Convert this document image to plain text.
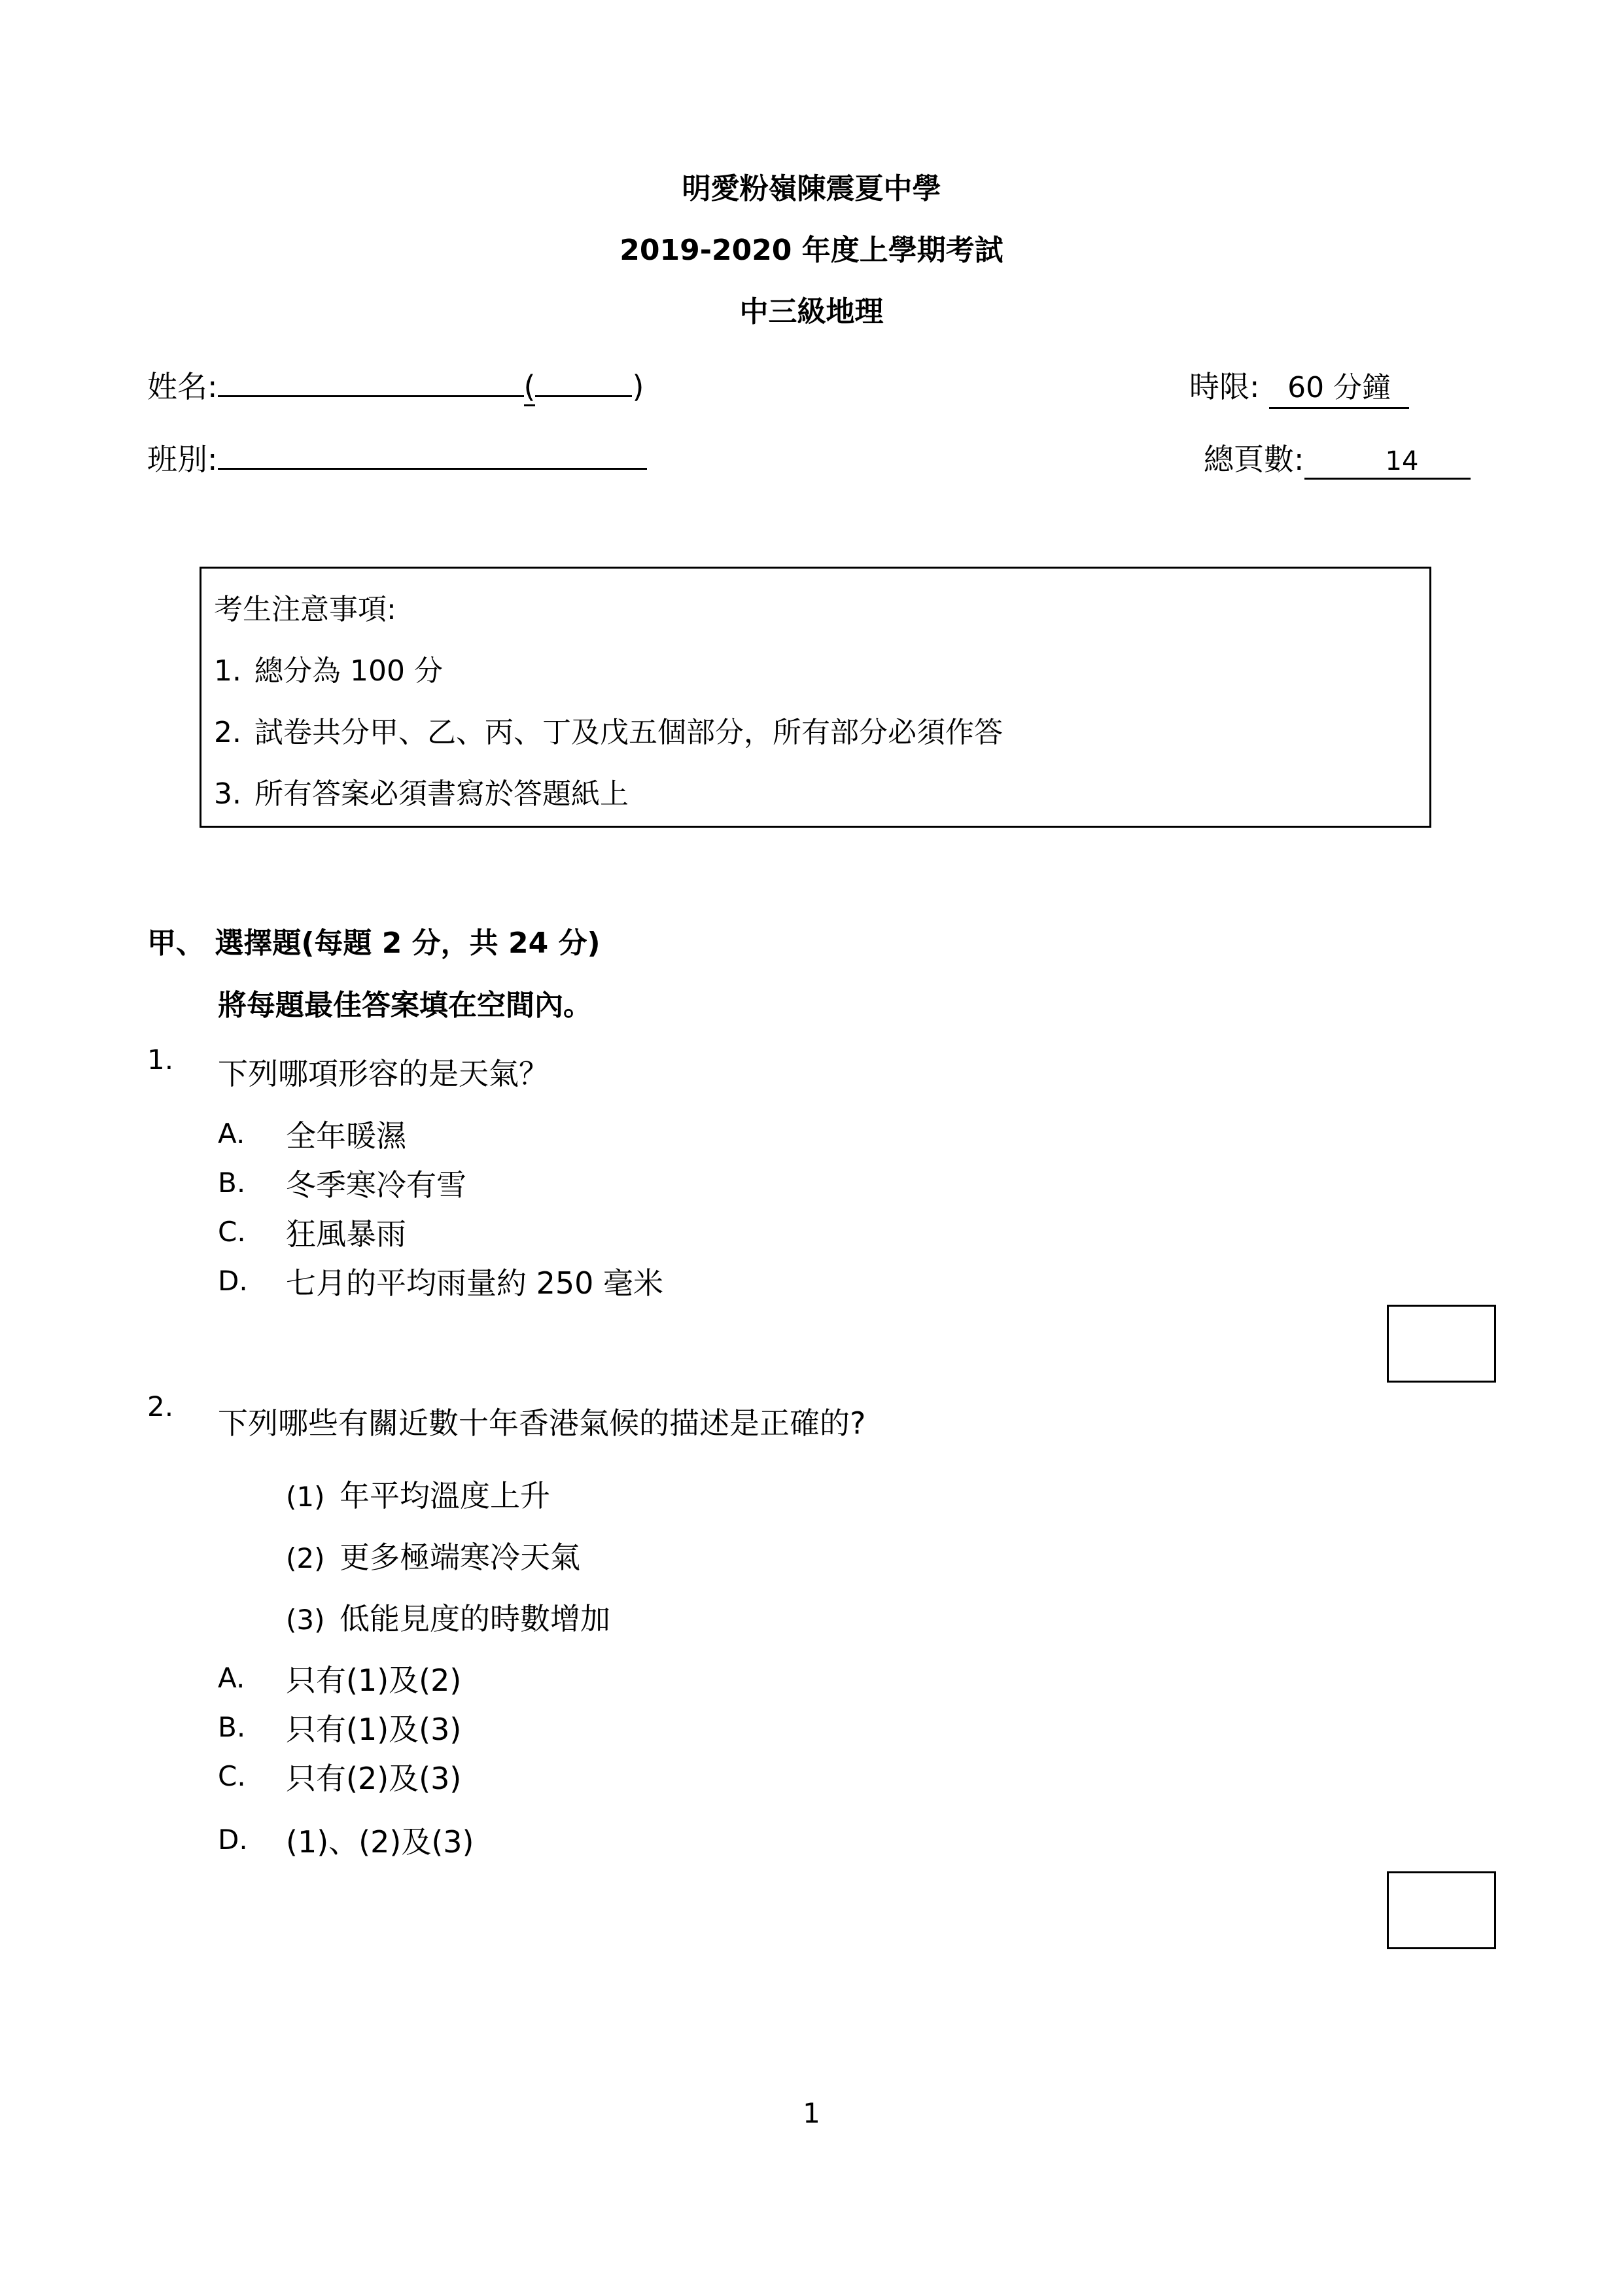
明愛粉嶺陳震夏中學
2019-2020 年度上學期考試
中三級地理
姓名:	(	)	時限: 60 分鐘
班別:	總頁數:	14
考生注意事項:
1. 總分為 100 分
2. 試卷共分甲、乙、丙、丁及戊五個部分，所有部分必須作答
3. 所有答案必須書寫於答題紙上
甲、 選擇題(每題 2 分，共 24 分)
將每題最佳答案填在空間內。
1. 下列哪項形容的是天氣？
A. 全年暖濕
B. 冬季寒冷有雪
C. 狂風暴雨
D. 七月的平均雨量約 250 毫米
2. 下列哪些有關近數十年香港氣候的描述是正確的?
(1) 年平均溫度上升
(2) 更多極端寒冷天氣
(3) 低能見度的時數增加
A. 只有(1)及(2)
B. 只有(1)及(3)
C. 只有(2)及(3)
D. (1)、(2)及(3)
1
